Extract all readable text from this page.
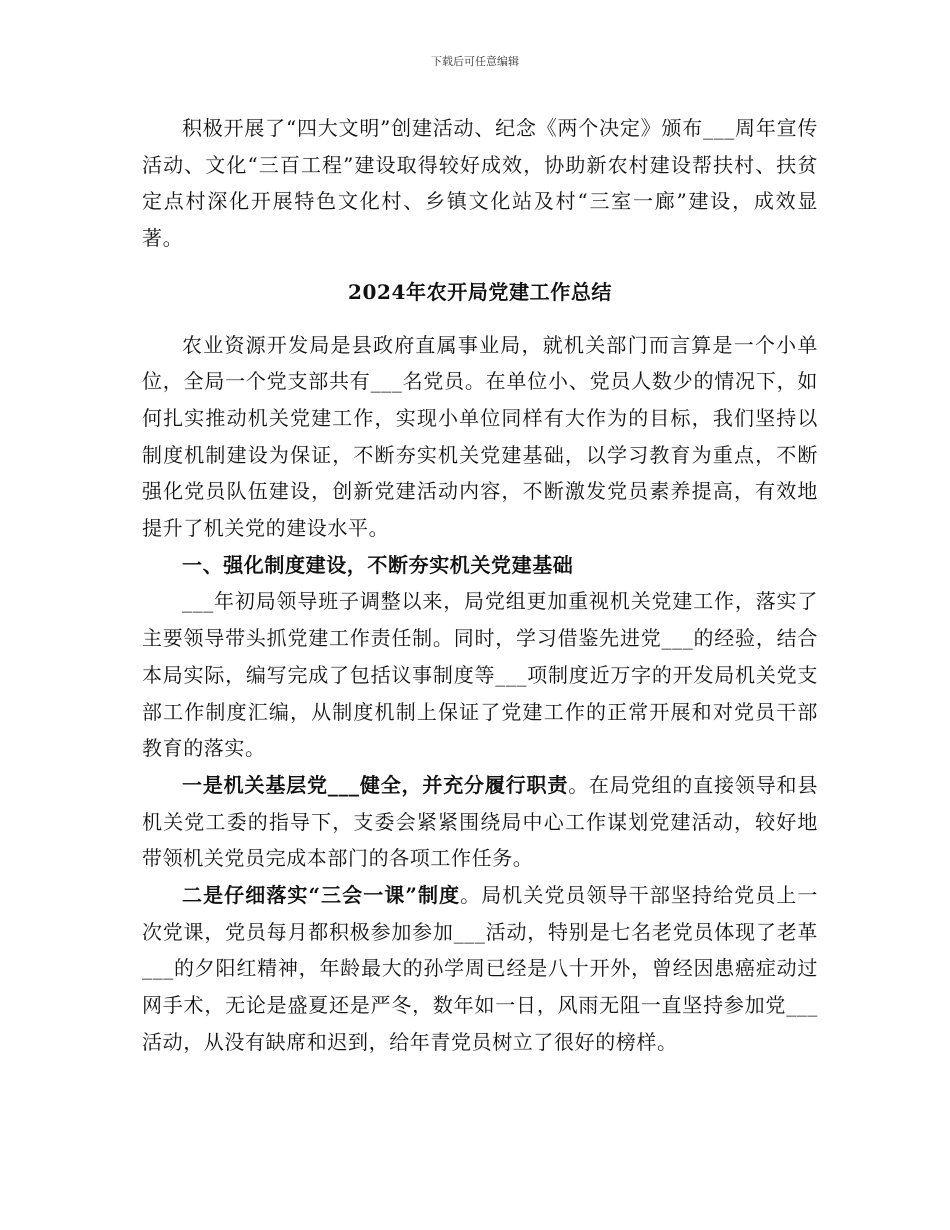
下载后可任意编辑

积极开展了“四大文明”创建活动、纪念《两个决定》颁布___周年宣传活动、文化“三百工程”建设取得较好成效，协助新农村建设帮扶村、扶贫定点村深化开展特色文化村、乡镇文化站及村“三室一廊”建设，成效显著。

2024年农开局党建工作总结

农业资源开发局是县政府直属事业局，就机关部门而言算是一个小单位，全局一个党支部共有___名党员。在单位小、党员人数少的情况下，如何扎实推动机关党建工作，实现小单位同样有大作为的目标，我们坚持以制度机制建设为保证，不断夯实机关党建基础，以学习教育为重点，不断强化党员队伍建设，创新党建活动内容，不断激发党员素养提高，有效地提升了机关党的建设水平。

一、强化制度建设，不断夯实机关党建基础

___年初局领导班子调整以来，局党组更加重视机关党建工作，落实了主要领导带头抓党建工作责任制。同时，学习借鉴先进党___的经验，结合本局实际，编写完成了包括议事制度等___项制度近万字的开发局机关党支部工作制度汇编，从制度机制上保证了党建工作的正常开展和对党员干部教育的落实。

一是机关基层党___健全，并充分履行职责。在局党组的直接领导和县机关党工委的指导下，支委会紧紧围绕局中心工作谋划党建活动，较好地带领机关党员完成本部门的各项工作任务。

二是仔细落实“三会一课”制度。局机关党员领导干部坚持给党员上一次党课，党员每月都积极参加参加___活动，特别是七名老党员体现了老革___的夕阳红精神，年龄最大的孙学周已经是八十开外，曾经因患癌症动过网手术，无论是盛夏还是严冬，数年如一日，风雨无阻一直坚持参加党___活动，从没有缺席和迟到，给年青党员树立了很好的榜样。
